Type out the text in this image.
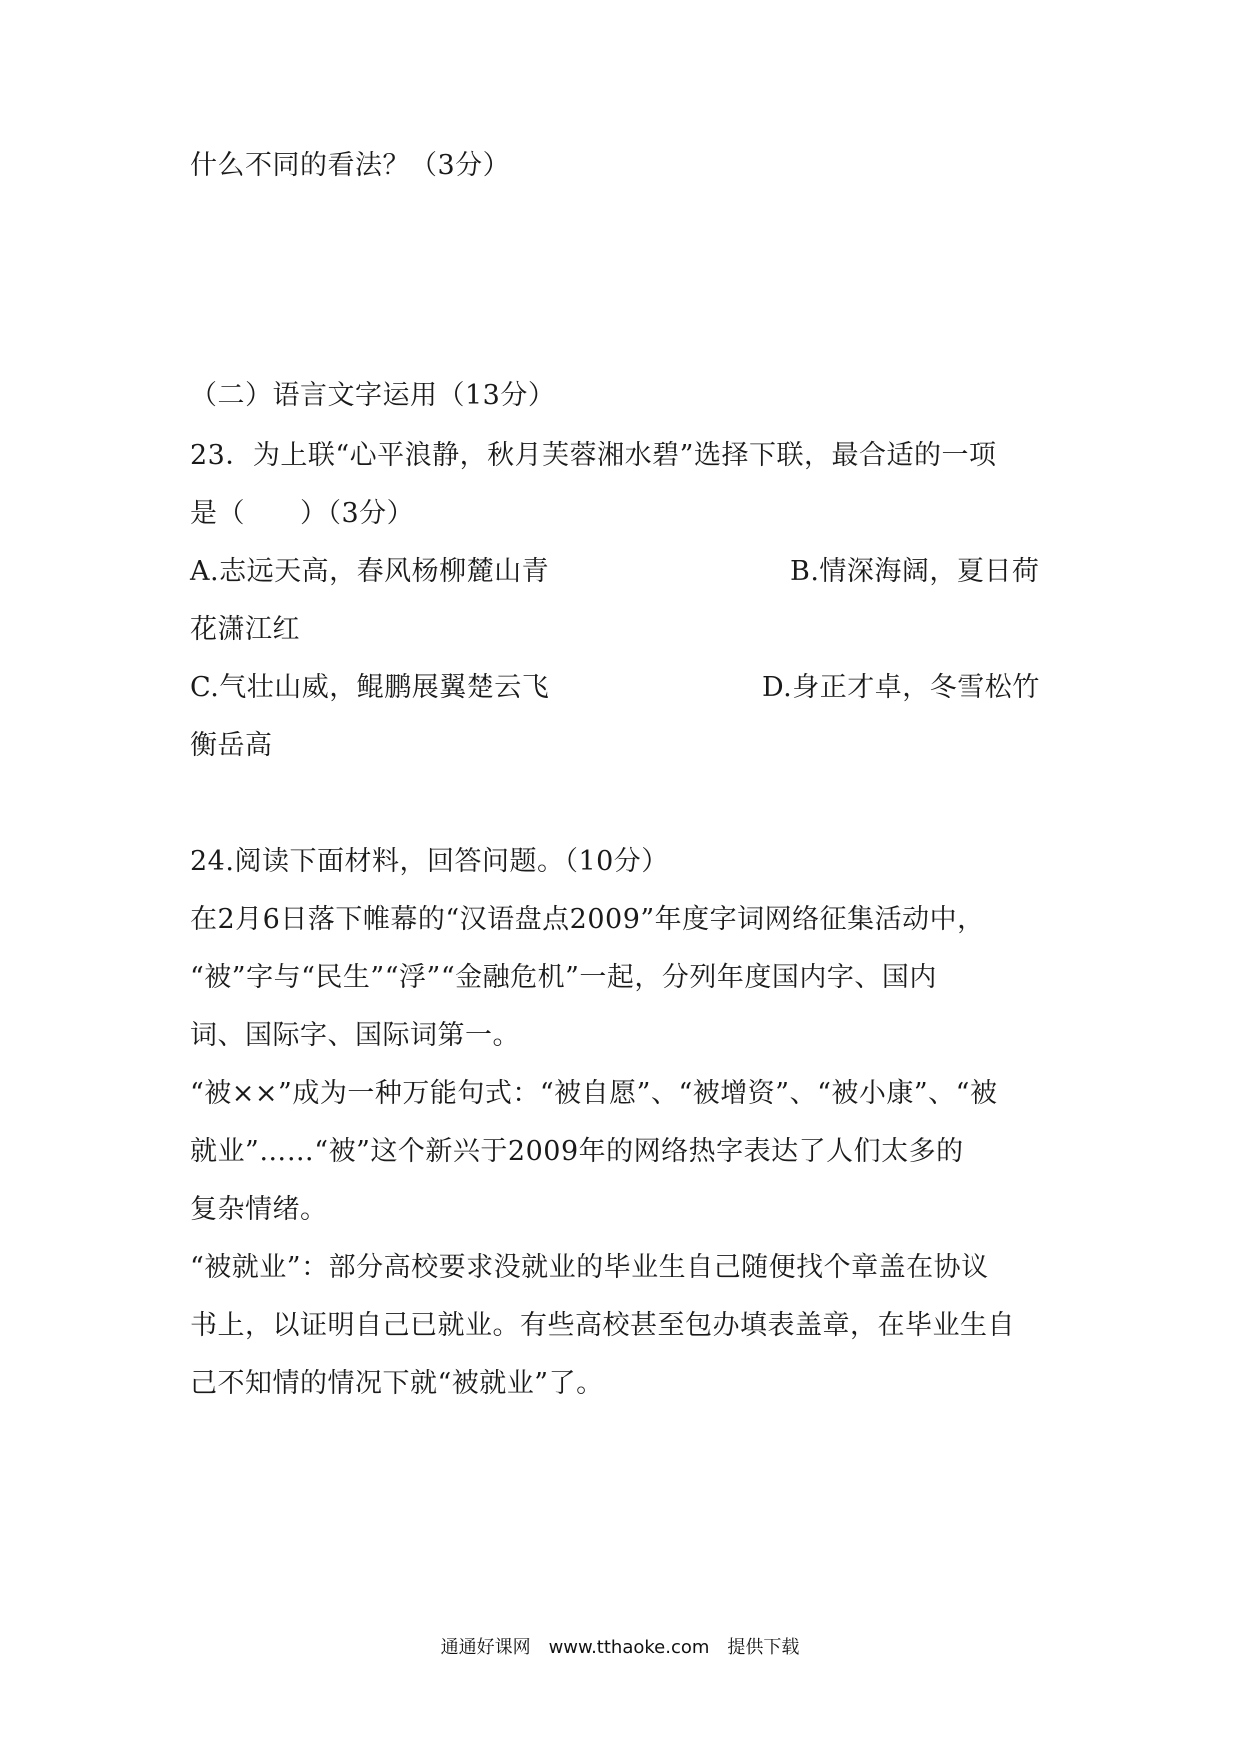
什么不同的看法？（3分）
（二）语言文字运用（13分）
23．为上联“心平浪静，秋月芙蓉湘水碧”选择下联，最合适的一项
是（　　）（3分）
A.志远天高，春风杨柳麓山青	B.情深海阔，夏日荷
花潇江红
C.气壮山威，鲲鹏展翼楚云飞	D.身正才卓，冬雪松竹
衡岳高
24.阅读下面材料，回答问题。（10分）
在2月6日落下帷幕的“汉语盘点2009”年度字词网络征集活动中，
“被”字与“民生”“浮”“金融危机”一起，分列年度国内字、国内
词、国际字、国际词第一。
“被××”成为一种万能句式：“被自愿”、“被增资”、“被小康”、“被
就业”……“被”这个新兴于2009年的网络热字表达了人们太多的
复杂情绪。
“被就业”：部分高校要求没就业的毕业生自己随便找个章盖在协议
书上，以证明自己已就业。有些高校甚至包办填表盖章，在毕业生自
己不知情的情况下就“被就业”了。
通通好课网　www.tthaoke.com　提供下载
